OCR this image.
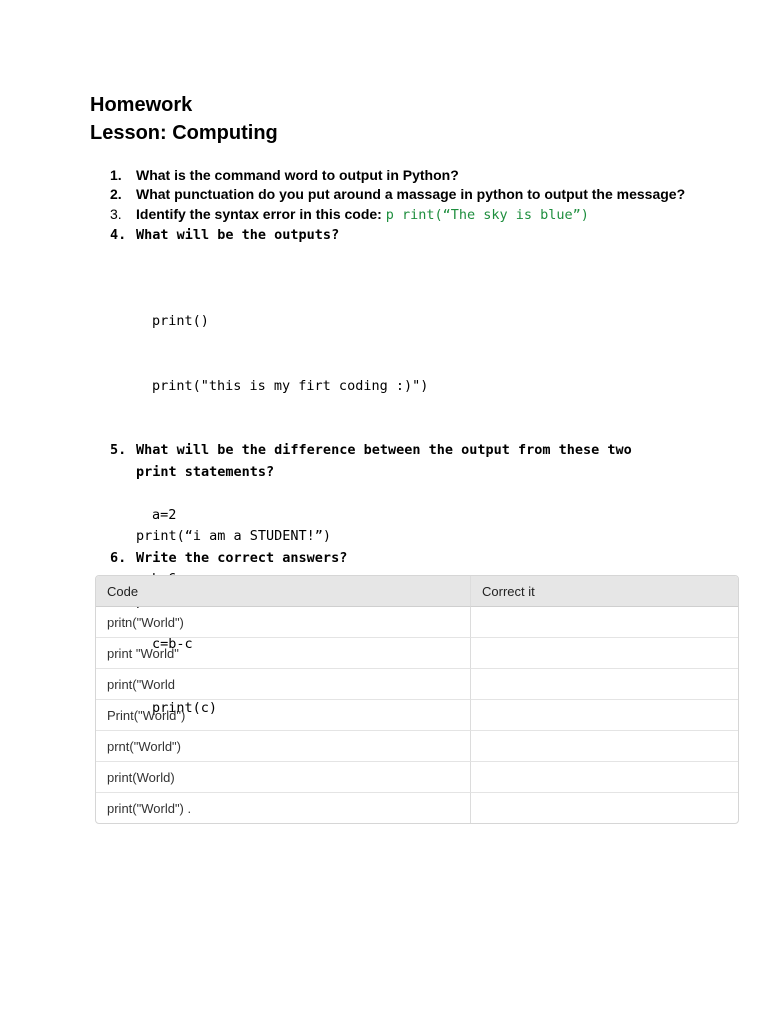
Homework
Lesson: Computing
1. What is the command word to output in Python?
2. What punctuation do you put around a massage in python to output the message?
3. Identify the syntax error in this code: p rint(“The sky is blue”)
4. What will be the outputs?

print()

print("this is my firt coding :)")

a=2

c=b-c

print(c)

5. What will be the difference between the output from these two
print statements?

print(“i am a STUDENT!”)

6. Write the correct answers?
Code	Correct it
pritn("World")	
print "World"	
print("World	
Print("World")	
prnt("World")	
print(World)	
print("World") .	
